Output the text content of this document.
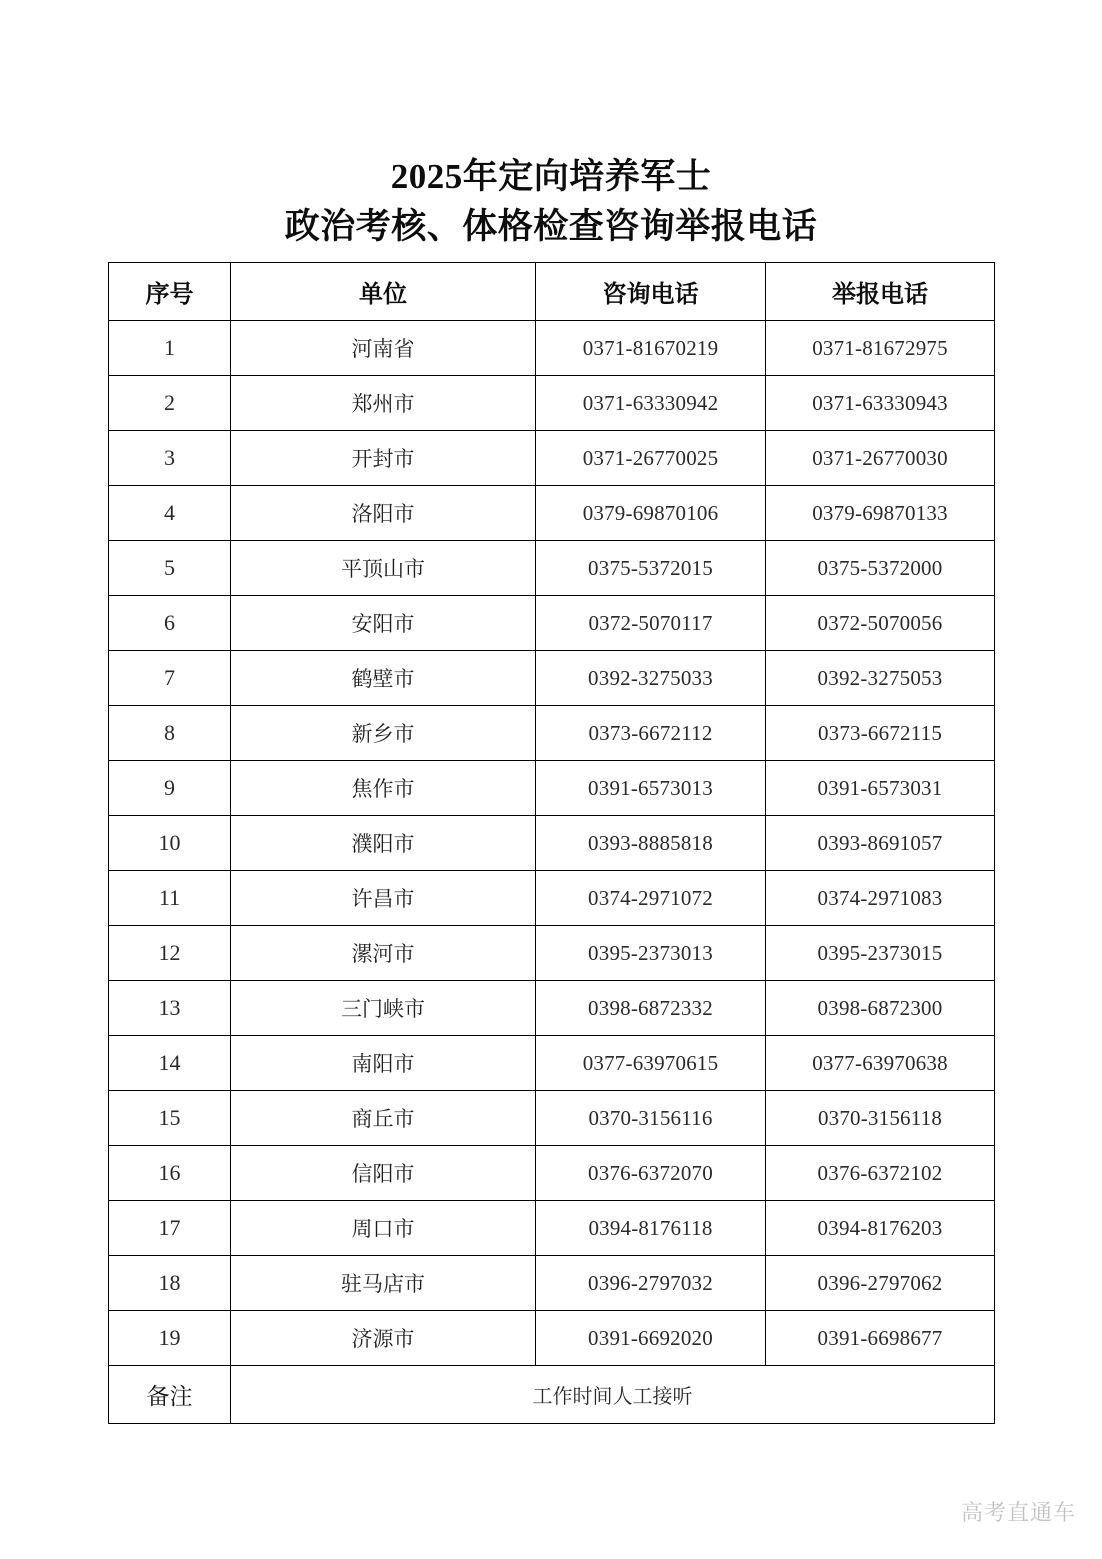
2025年定向培养军士
政治考核、体格检查咨询举报电话
序号	单位	咨询电话	举报电话
1	河南省	0371-81670219	0371-81672975
2	郑州市	0371-63330942	0371-63330943
3	开封市	0371-26770025	0371-26770030
4	洛阳市	0379-69870106	0379-69870133
5	平顶山市	0375-5372015	0375-5372000
6	安阳市	0372-5070117	0372-5070056
7	鹤壁市	0392-3275033	0392-3275053
8	新乡市	0373-6672112	0373-6672115
9	焦作市	0391-6573013	0391-6573031
10	濮阳市	0393-8885818	0393-8691057
11	许昌市	0374-2971072	0374-2971083
12	漯河市	0395-2373013	0395-2373015
13	三门峡市	0398-6872332	0398-6872300
14	南阳市	0377-63970615	0377-63970638
15	商丘市	0370-3156116	0370-3156118
16	信阳市	0376-6372070	0376-6372102
17	周口市	0394-8176118	0394-8176203
18	驻马店市	0396-2797032	0396-2797062
19	济源市	0391-6692020	0391-6698677
备注	工作时间人工接听		
高考直通车
